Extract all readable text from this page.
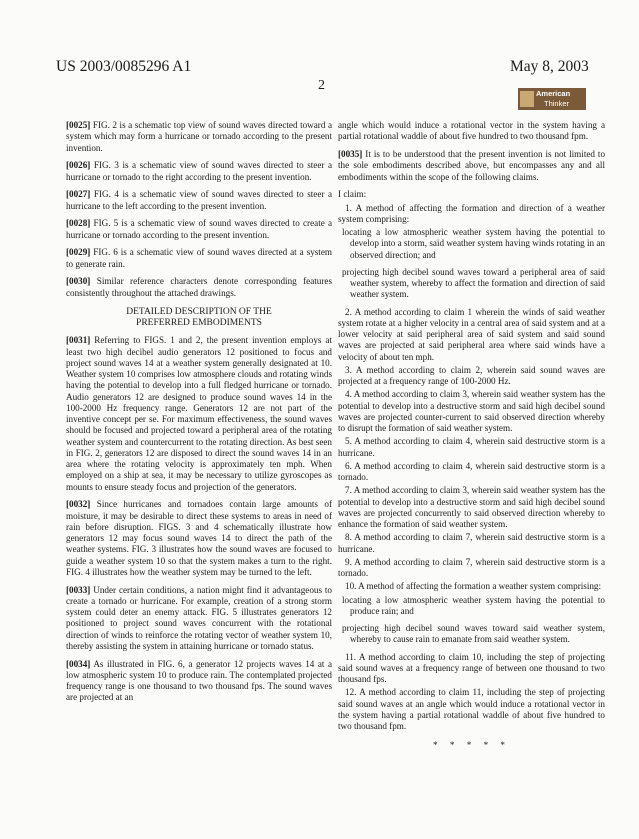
US 2003/0085296 A1	May 8, 2003
2
American
Thinker

[0025] FIG. 2 is a schematic top view of sound waves directed toward a system which may form a hurricane or tornado according to the present invention.

[0026] FIG. 3 is a schematic view of sound waves directed to steer a hurricane or tornado to the right according to the present invention.

[0027] FIG. 4 is a schematic view of sound waves directed to steer a hurricane to the left according to the present invention.

[0028] FIG. 5 is a schematic view of sound waves directed to create a hurricane or tornado according to the present invention.

[0029] FIG. 6 is a schematic view of sound waves directed at a system to generate rain.

[0030] Similar reference characters denote corresponding features consistently throughout the attached drawings.

DETAILED DESCRIPTION OF THE
PREFERRED EMBODIMENTS

[0031] Referring to FIGS. 1 and 2, the present invention employs at least two high decibel audio generators 12 positioned to focus and project sound waves 14 at a weather system generally designated at 10. Weather system 10 comprises low atmosphere clouds and rotating winds having the potential to develop into a full fledged hurricane or tornado. Audio generators 12 are designed to produce sound waves 14 in the 100-2000 Hz frequency range. Generators 12 are not part of the inventive concept per se. For maximum effectiveness, the sound waves should be focused and projected toward a peripheral area of the rotating weather system and countercurrent to the rotating direction. As best seen in FIG. 2, generators 12 are disposed to direct the sound waves 14 in an area where the rotating velocity is approximately ten mph. When employed on a ship at sea, it may be necessary to utilize gyroscopes as mounts to ensure steady focus and projection of the generators.

[0032] Since hurricanes and tornadoes contain large amounts of moisture, it may be desirable to direct these systems to areas in need of rain before disruption. FIGS. 3 and 4 schematically illustrate how generators 12 may focus sound waves 14 to direct the path of the weather systems. FIG. 3 illustrates how the sound waves are focused to guide a weather system 10 so that the system makes a turn to the right. FIG. 4 illustrates how the weather system may be turned to the left.

[0033] Under certain conditions, a nation might find it advantageous to create a tornado or hurricane. For example, creation of a strong storm system could deter an enemy attack. FIG. 5 illustrates generators 12 positioned to project sound waves concurrent with the rotational direction of winds to reinforce the rotating vector of weather system 10, thereby assisting the system in attaining hurricane or tornado status.

[0034] As illustrated in FIG. 6, a generator 12 projects waves 14 at a low atmospheric system 10 to produce rain. The contemplated projected frequency range is one thousand to two thousand fps. The sound waves are projected at an

angle which would induce a rotational vector in the system having a partial rotational waddle of about five hundred to two thousand fpm.

[0035] It is to be understood that the present invention is not limited to the sole embodiments described above, but encompasses any and all embodiments within the scope of the following claims.

I claim:

1. A method of affecting the formation and direction of a weather system comprising:

locating a low atmospheric weather system having the potential to develop into a storm, said weather system having winds rotating in an observed direction; and

projecting high decibel sound waves toward a peripheral area of said weather system, whereby to affect the formation and direction of said weather system.

2. A method according to claim 1 wherein the winds of said weather system rotate at a higher velocity in a central area of said system and at a lower velocity at said peripheral area of said system and said sound waves are projected at said peripheral area where said winds have a velocity of about ten mph.

3. A method according to claim 2, wherein said sound waves are projected at a frequency range of 100-2000 Hz.

4. A method according to claim 3, wherein said weather system has the potential to develop into a destructive storm and said high decibel sound waves are projected counter-current to said observed direction whereby to disrupt the formation of said weather system.

5. A method according to claim 4, wherein said destructive storm is a hurricane.

6. A method according to claim 4, wherein said destructive storm is a tornado.

7. A method according to claim 3, wherein said weather system has the potential to develop into a destructive storm and said high decibel sound waves are projected concurrently to said observed direction whereby to enhance the formation of said weather system.

8. A method according to claim 7, wherein said destructive storm is a hurricane.

9. A method according to claim 7, wherein said destructive storm is a tornado.

10. A method of affecting the formation a weather system comprising:

locating a low atmospheric weather system having the potential to produce rain; and

projecting high decibel sound waves toward said weather system, whereby to cause rain to emanate from said weather system.

11. A method according to claim 10, including the step of projecting said sound waves at a frequency range of between one thousand to two thousand fps.

12. A method according to claim 11, including the step of projecting said sound waves at an angle which would induce a rotational vector in the system having a partial rotational waddle of about five hundred to two thousand fpm.

* * * * *
